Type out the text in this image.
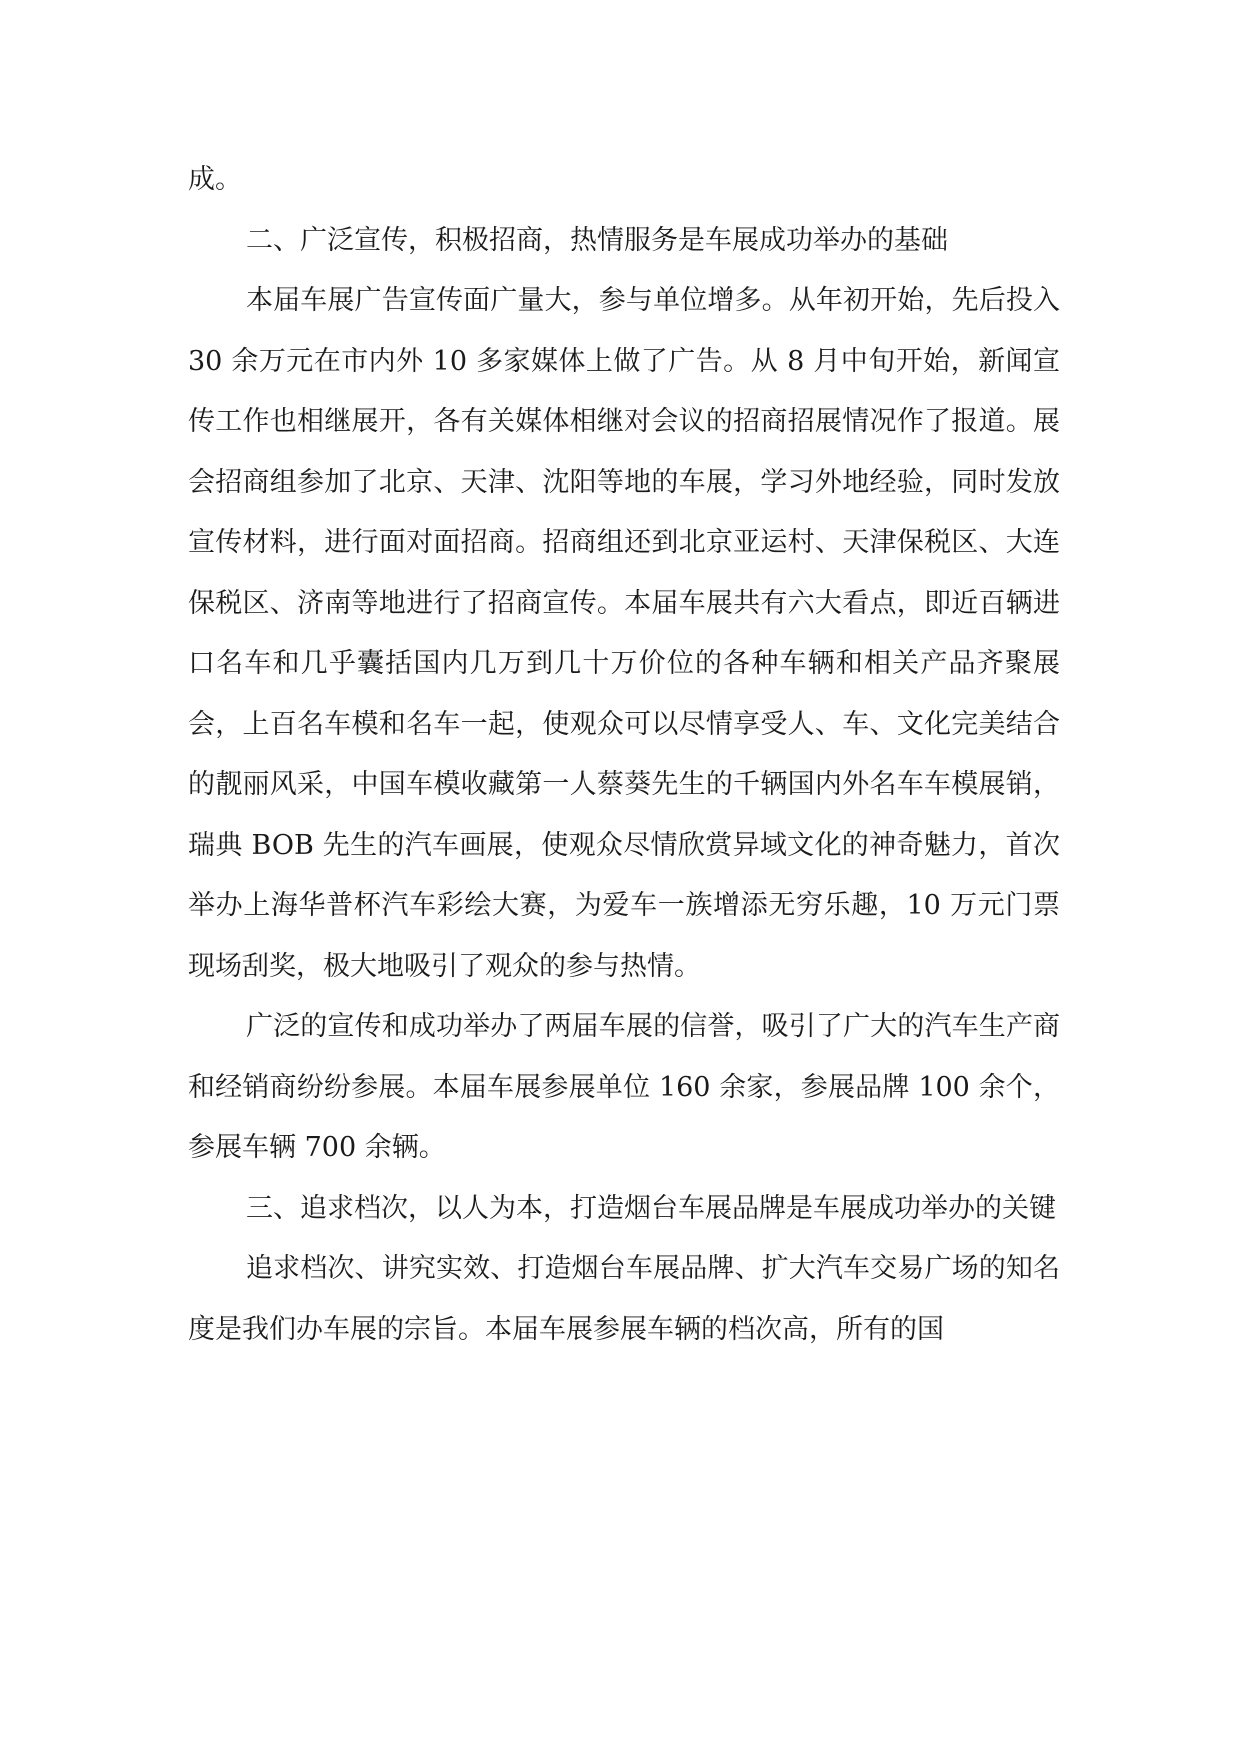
成。

二、广泛宣传，积极招商，热情服务是车展成功举办的基础

本届车展广告宣传面广量大，参与单位增多。从年初开始，先后投入 30 余万元在市内外 10 多家媒体上做了广告。从 8 月中旬开始，新闻宣传工作也相继展开，各有关媒体相继对会议的招商招展情况作了报道。展会招商组参加了北京、天津、沈阳等地的车展，学习外地经验，同时发放宣传材料，进行面对面招商。招商组还到北京亚运村、天津保税区、大连保税区、济南等地进行了招商宣传。本届车展共有六大看点，即近百辆进口名车和几乎囊括国内几万到几十万价位的各种车辆和相关产品齐聚展会，上百名车模和名车一起，使观众可以尽情享受人、车、文化完美结合的靓丽风采，中国车模收藏第一人蔡葵先生的千辆国内外名车车模展销，瑞典 BOB 先生的汽车画展，使观众尽情欣赏异域文化的神奇魅力，首次举办上海华普杯汽车彩绘大赛，为爱车一族增添无穷乐趣，10 万元门票现场刮奖，极大地吸引了观众的参与热情。

广泛的宣传和成功举办了两届车展的信誉，吸引了广大的汽车生产商和经销商纷纷参展。本届车展参展单位 160 余家，参展品牌 100 余个，参展车辆 700 余辆。

三、追求档次，以人为本，打造烟台车展品牌是车展成功举办的关键

追求档次、讲究实效、打造烟台车展品牌、扩大汽车交易广场的知名度是我们办车展的宗旨。本届车展参展车辆的档次高，所有的国
